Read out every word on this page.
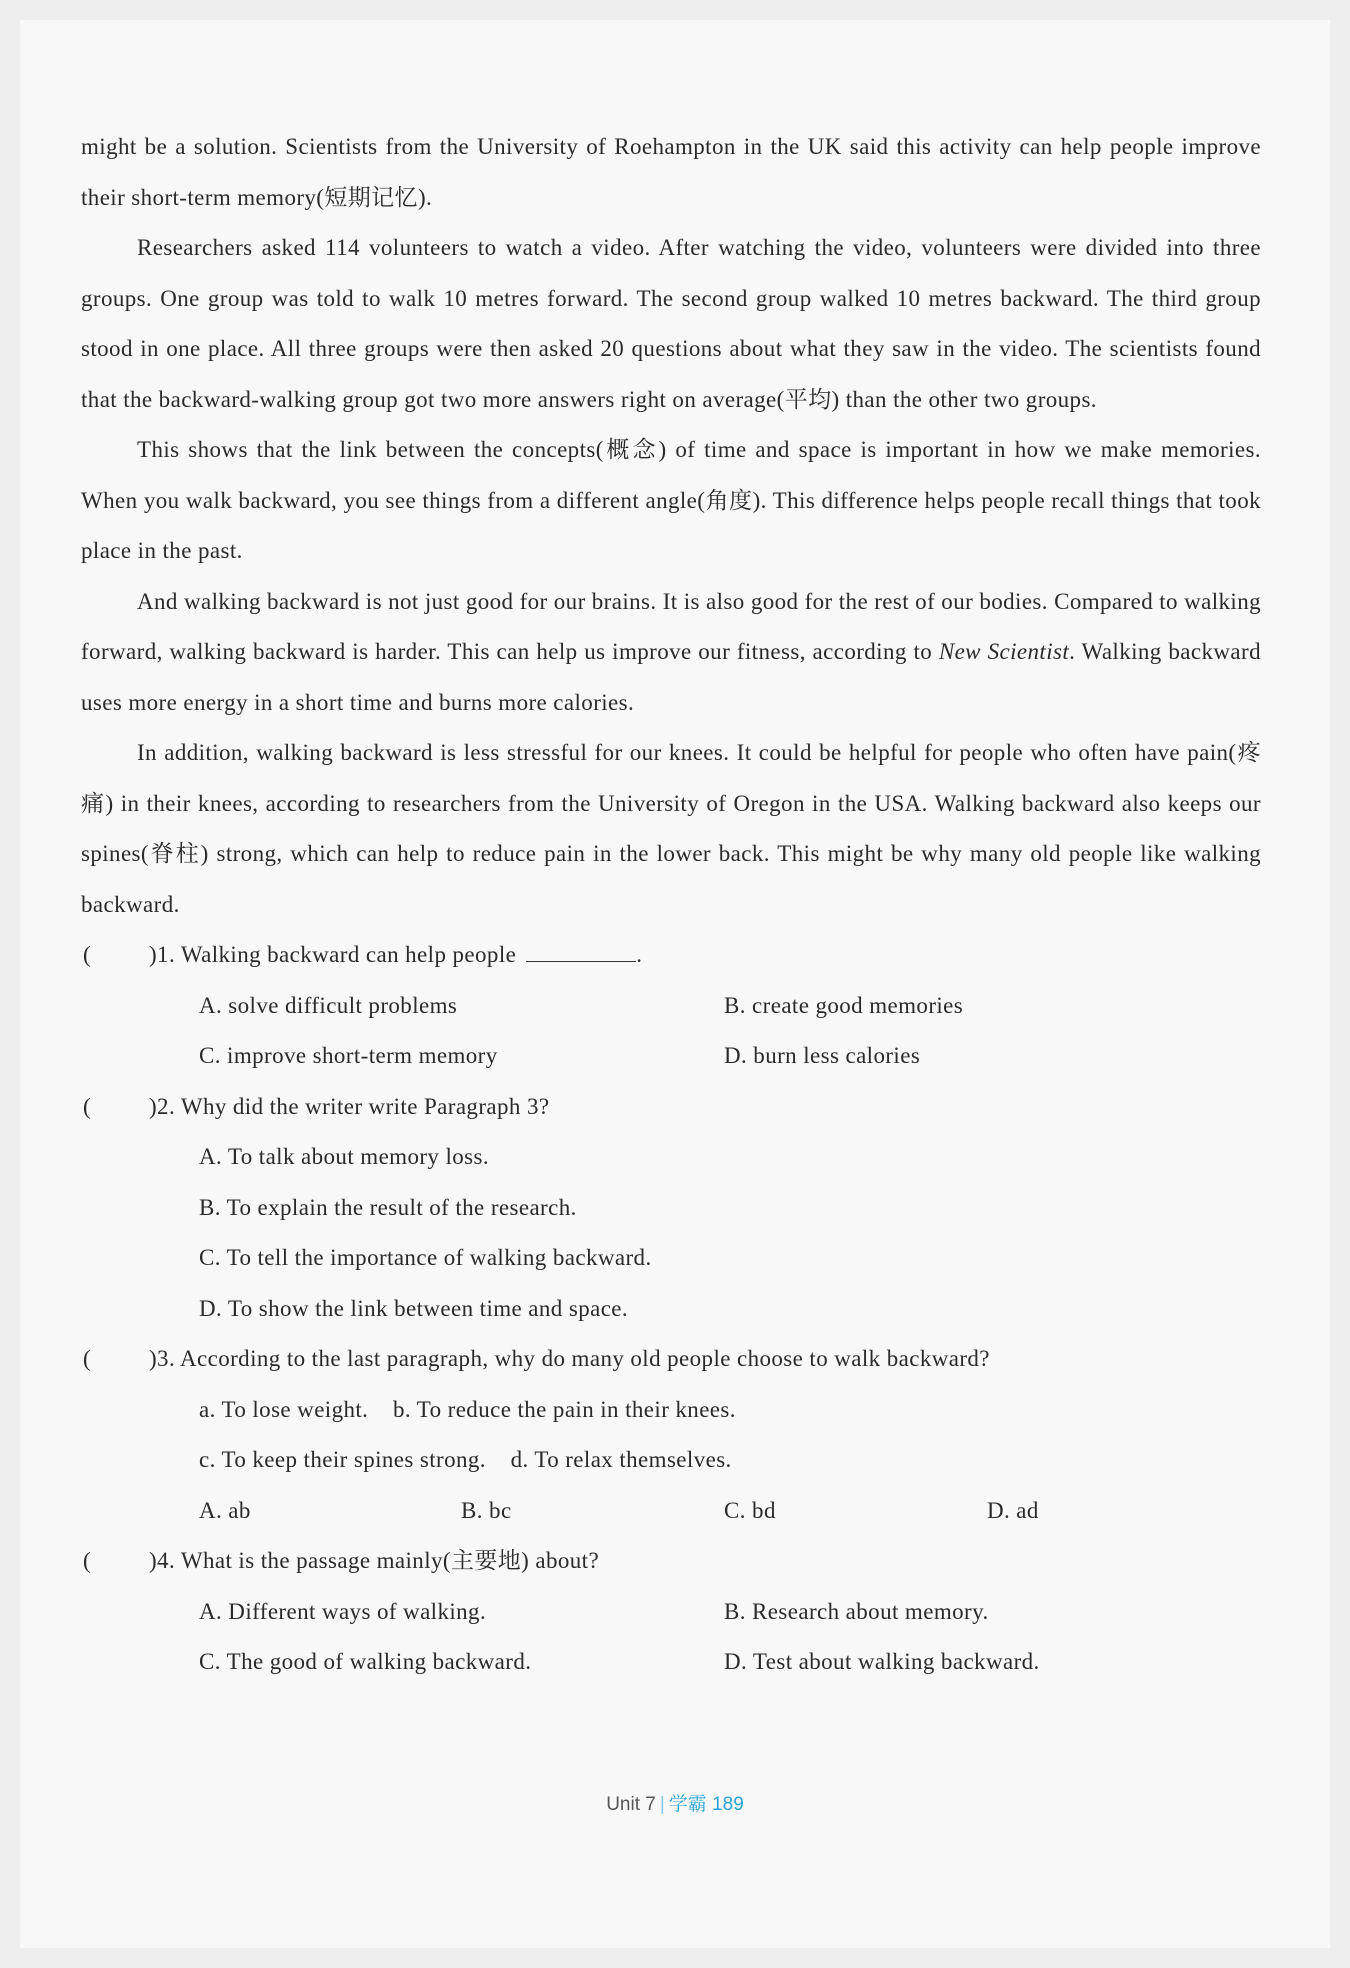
might be a solution. Scientists from the University of Roehampton in the UK said this activity can help people improve their short-term memory(短期记忆).

Researchers asked 114 volunteers to watch a video. After watching the video, volunteers were divided into three groups. One group was told to walk 10 metres forward. The second group walked 10 metres backward. The third group stood in one place. All three groups were then asked 20 questions about what they saw in the video. The scientists found that the backward-walking group got two more answers right on average(平均) than the other two groups.

This shows that the link between the concepts(概念) of time and space is important in how we make memories. When you walk backward, you see things from a different angle(角度). This difference helps people recall things that took place in the past.

And walking backward is not just good for our brains. It is also good for the rest of our bodies. Compared to walking forward, walking backward is harder. This can help us improve our fitness, according to New Scientist. Walking backward uses more energy in a short time and burns more calories.

In addition, walking backward is less stressful for our knees. It could be helpful for people who often have pain(疼痛) in their knees, according to researchers from the University of Oregon in the USA. Walking backward also keeps our spines(脊柱) strong, which can help to reduce pain in the lower back. This might be why many old people like walking backward.

(	)1. Walking backward can help people	.
A. solve difficult problems	B. create good memories
C. improve short-term memory	D. burn less calories
(	)2. Why did the writer write Paragraph 3?
A. To talk about memory loss.
B. To explain the result of the research.
C. To tell the importance of walking backward.
D. To show the link between time and space.
(	)3. According to the last paragraph, why do many old people choose to walk backward?
a. To lose weight. b. To reduce the pain in their knees.
c. To keep their spines strong. d. To relax themselves.
A. ab	B. bc	C. bd	D. ad
(	)4. What is the passage mainly(主要地) about?
A. Different ways of walking.	B. Research about memory.
C. The good of walking backward.	D. Test about walking backward.
Unit 7 | 学霸 189
